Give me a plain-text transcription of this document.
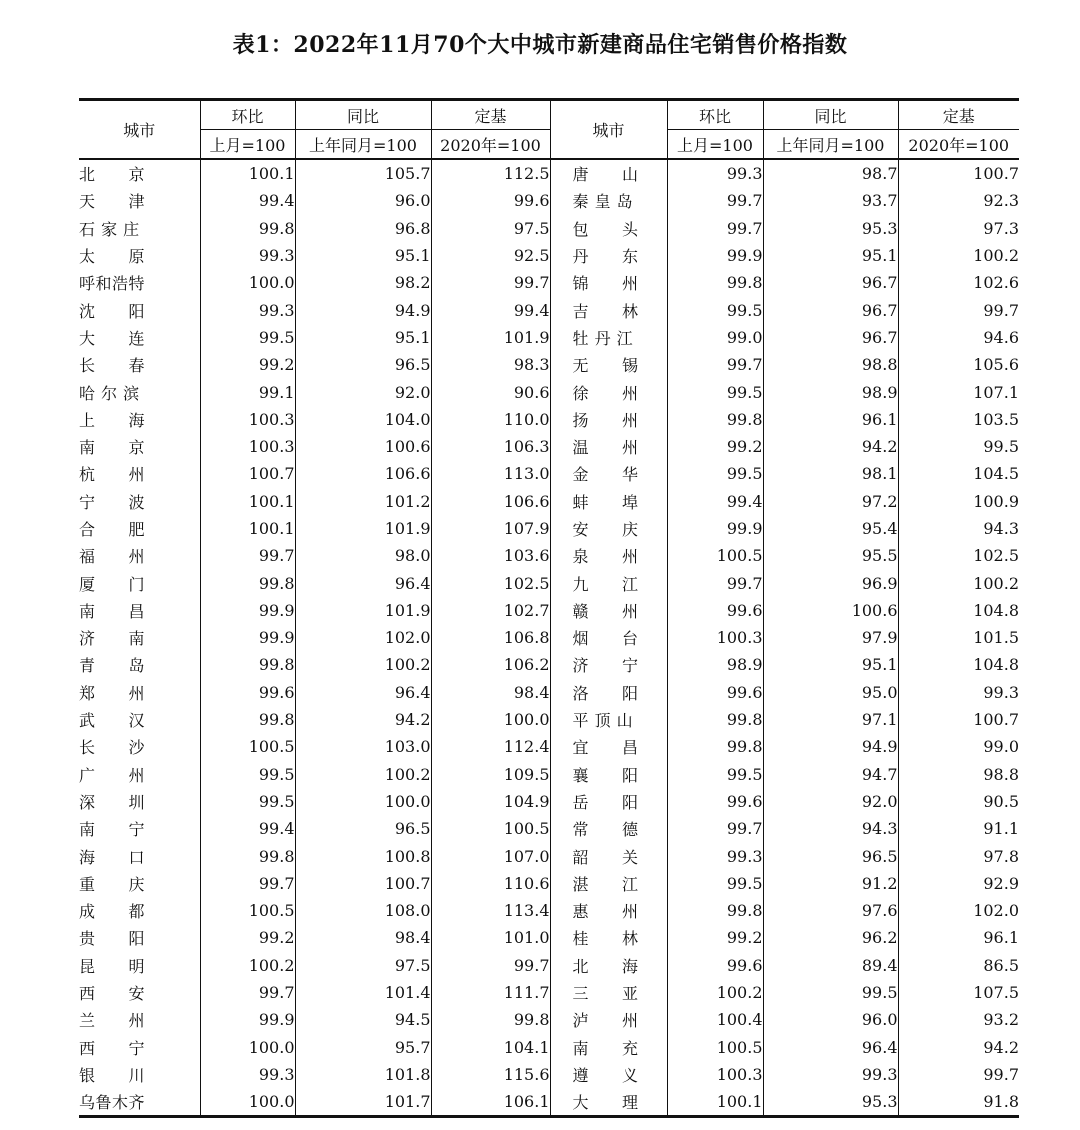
表1：2022年11月70个大中城市新建商品住宅销售价格指数
城市	环比	同比	定基	城市	环比	同比	定基
	上月=100	上年同月=100	2020年=100		上月=100	上年同月=100	2020年=100
北　　京	100.1	105.7	112.5	唐　　山	99.3	98.7	100.7
天　　津	99.4	96.0	99.6	秦 皇 岛	99.7	93.7	92.3
石 家 庄	99.8	96.8	97.5	包　　头	99.7	95.3	97.3
太　　原	99.3	95.1	92.5	丹　　东	99.9	95.1	100.2
呼和浩特	100.0	98.2	99.7	锦　　州	99.8	96.7	102.6
沈　　阳	99.3	94.9	99.4	吉　　林	99.5	96.7	99.7
大　　连	99.5	95.1	101.9	牡 丹 江	99.0	96.7	94.6
长　　春	99.2	96.5	98.3	无　　锡	99.7	98.8	105.6
哈 尔 滨	99.1	92.0	90.6	徐　　州	99.5	98.9	107.1
上　　海	100.3	104.0	110.0	扬　　州	99.8	96.1	103.5
南　　京	100.3	100.6	106.3	温　　州	99.2	94.2	99.5
杭　　州	100.7	106.6	113.0	金　　华	99.5	98.1	104.5
宁　　波	100.1	101.2	106.6	蚌　　埠	99.4	97.2	100.9
合　　肥	100.1	101.9	107.9	安　　庆	99.9	95.4	94.3
福　　州	99.7	98.0	103.6	泉　　州	100.5	95.5	102.5
厦　　门	99.8	96.4	102.5	九　　江	99.7	96.9	100.2
南　　昌	99.9	101.9	102.7	赣　　州	99.6	100.6	104.8
济　　南	99.9	102.0	106.8	烟　　台	100.3	97.9	101.5
青　　岛	99.8	100.2	106.2	济　　宁	98.9	95.1	104.8
郑　　州	99.6	96.4	98.4	洛　　阳	99.6	95.0	99.3
武　　汉	99.8	94.2	100.0	平 顶 山	99.8	97.1	100.7
长　　沙	100.5	103.0	112.4	宜　　昌	99.8	94.9	99.0
广　　州	99.5	100.2	109.5	襄　　阳	99.5	94.7	98.8
深　　圳	99.5	100.0	104.9	岳　　阳	99.6	92.0	90.5
南　　宁	99.4	96.5	100.5	常　　德	99.7	94.3	91.1
海　　口	99.8	100.8	107.0	韶　　关	99.3	96.5	97.8
重　　庆	99.7	100.7	110.6	湛　　江	99.5	91.2	92.9
成　　都	100.5	108.0	113.4	惠　　州	99.8	97.6	102.0
贵　　阳	99.2	98.4	101.0	桂　　林	99.2	96.2	96.1
昆　　明	100.2	97.5	99.7	北　　海	99.6	89.4	86.5
西　　安	99.7	101.4	111.7	三　　亚	100.2	99.5	107.5
兰　　州	99.9	94.5	99.8	泸　　州	100.4	96.0	93.2
西　　宁	100.0	95.7	104.1	南　　充	100.5	96.4	94.2
银　　川	99.3	101.8	115.6	遵　　义	100.3	99.3	99.7
乌鲁木齐	100.0	101.7	106.1	大　　理	100.1	95.3	91.8
